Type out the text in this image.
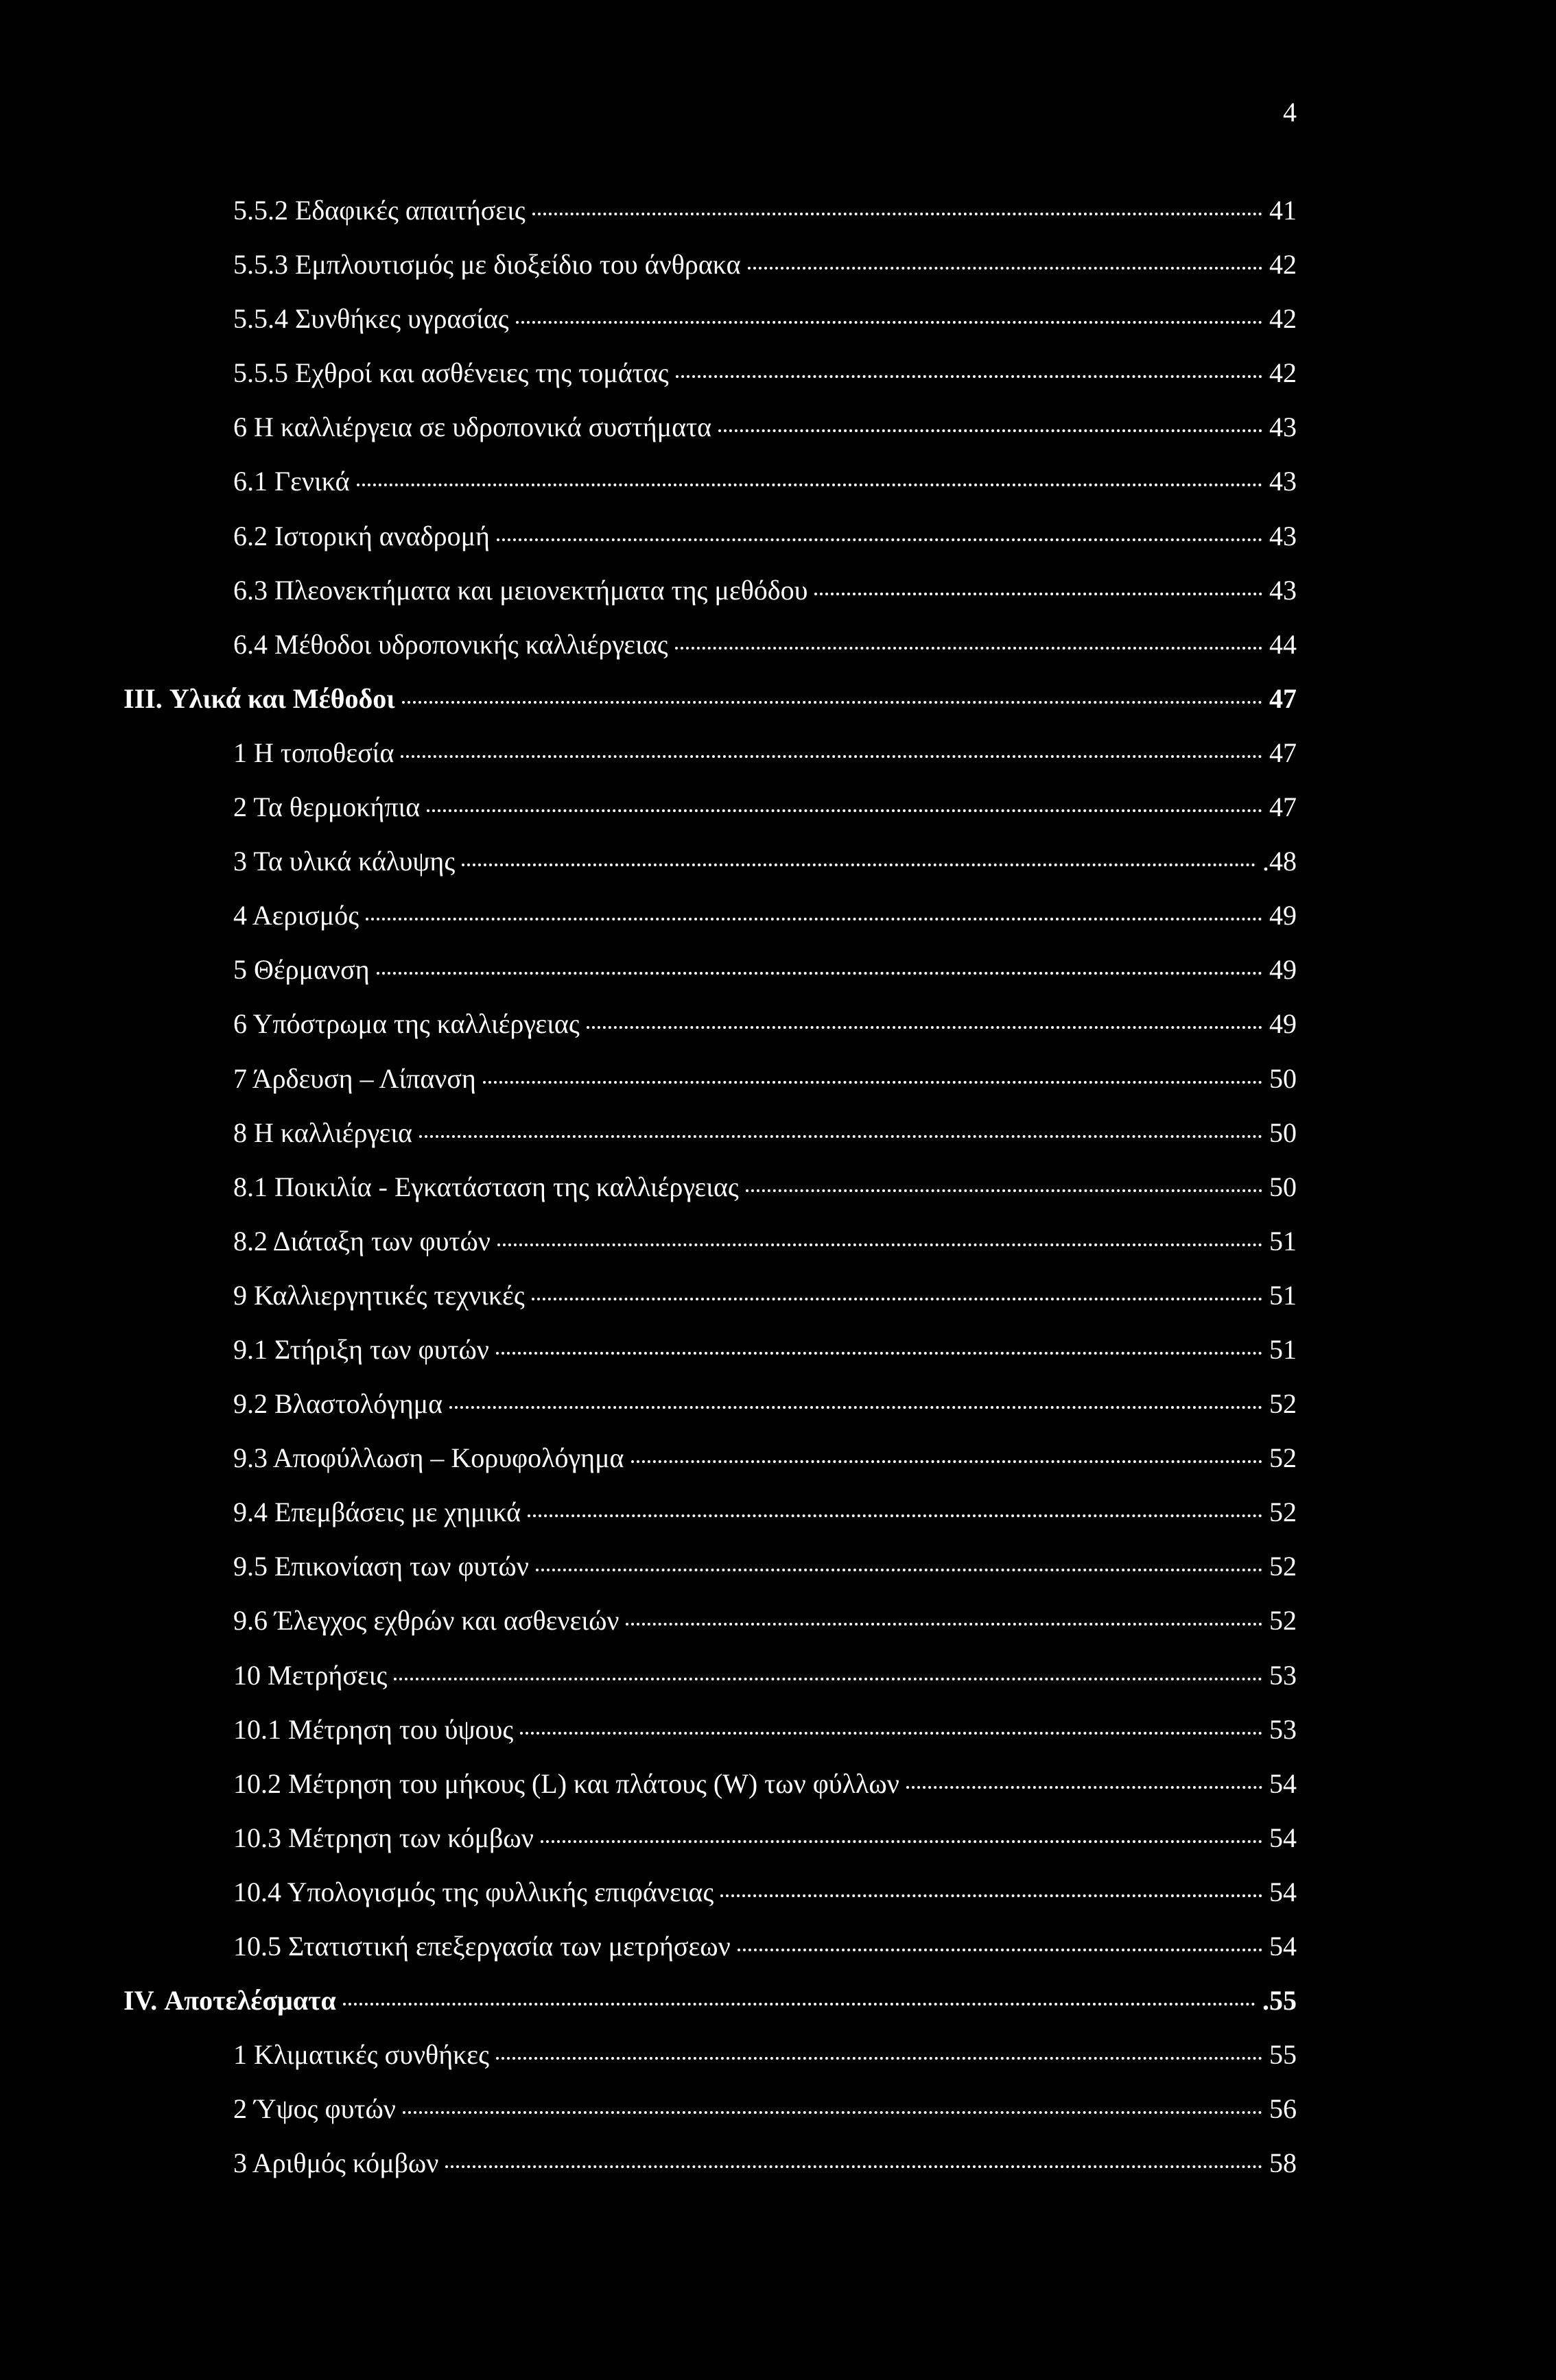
4
5.5.2 Εδαφικές απαιτήσεις	41
5.5.3 Εμπλουτισμός με διοξείδιο του άνθρακα	42
5.5.4 Συνθήκες υγρασίας	42
5.5.5 Εχθροί και ασθένειες της τομάτας	42
6 Η καλλιέργεια σε υδροπονικά συστήματα	43
6.1 Γενικά	43
6.2 Ιστορική αναδρομή	43
6.3 Πλεονεκτήματα και μειονεκτήματα της μεθόδου	43
6.4 Μέθοδοι υδροπονικής καλλιέργειας	44
III. Υλικά και Μέθοδοι	47
1 Η τοποθεσία	47
2 Τα θερμοκήπια	47
3 Τα υλικά κάλυψης	.48
4 Αερισμός	49
5 Θέρμανση	49
6 Υπόστρωμα της καλλιέργειας	49
7 Άρδευση – Λίπανση	50
8 Η καλλιέργεια	50
8.1 Ποικιλία - Εγκατάσταση της καλλιέργειας	50
8.2 Διάταξη των φυτών	51
9 Καλλιεργητικές τεχνικές	51
9.1 Στήριξη των φυτών	51
9.2 Βλαστολόγημα	52
9.3 Αποφύλλωση – Κορυφολόγημα	52
9.4 Επεμβάσεις με χημικά	52
9.5 Επικονίαση των φυτών	52
9.6 Έλεγχος εχθρών και ασθενειών	52
10 Μετρήσεις	53
10.1 Μέτρηση του ύψους	53
10.2 Μέτρηση του μήκους (L) και πλάτους (W) των φύλλων	54
10.3 Μέτρηση των κόμβων	54
10.4 Υπολογισμός της φυλλικής επιφάνειας	54
10.5 Στατιστική επεξεργασία των μετρήσεων	54
IV. Αποτελέσματα	.55
1 Κλιματικές συνθήκες	55
2 Ύψος φυτών	56
3 Αριθμός κόμβων	58
